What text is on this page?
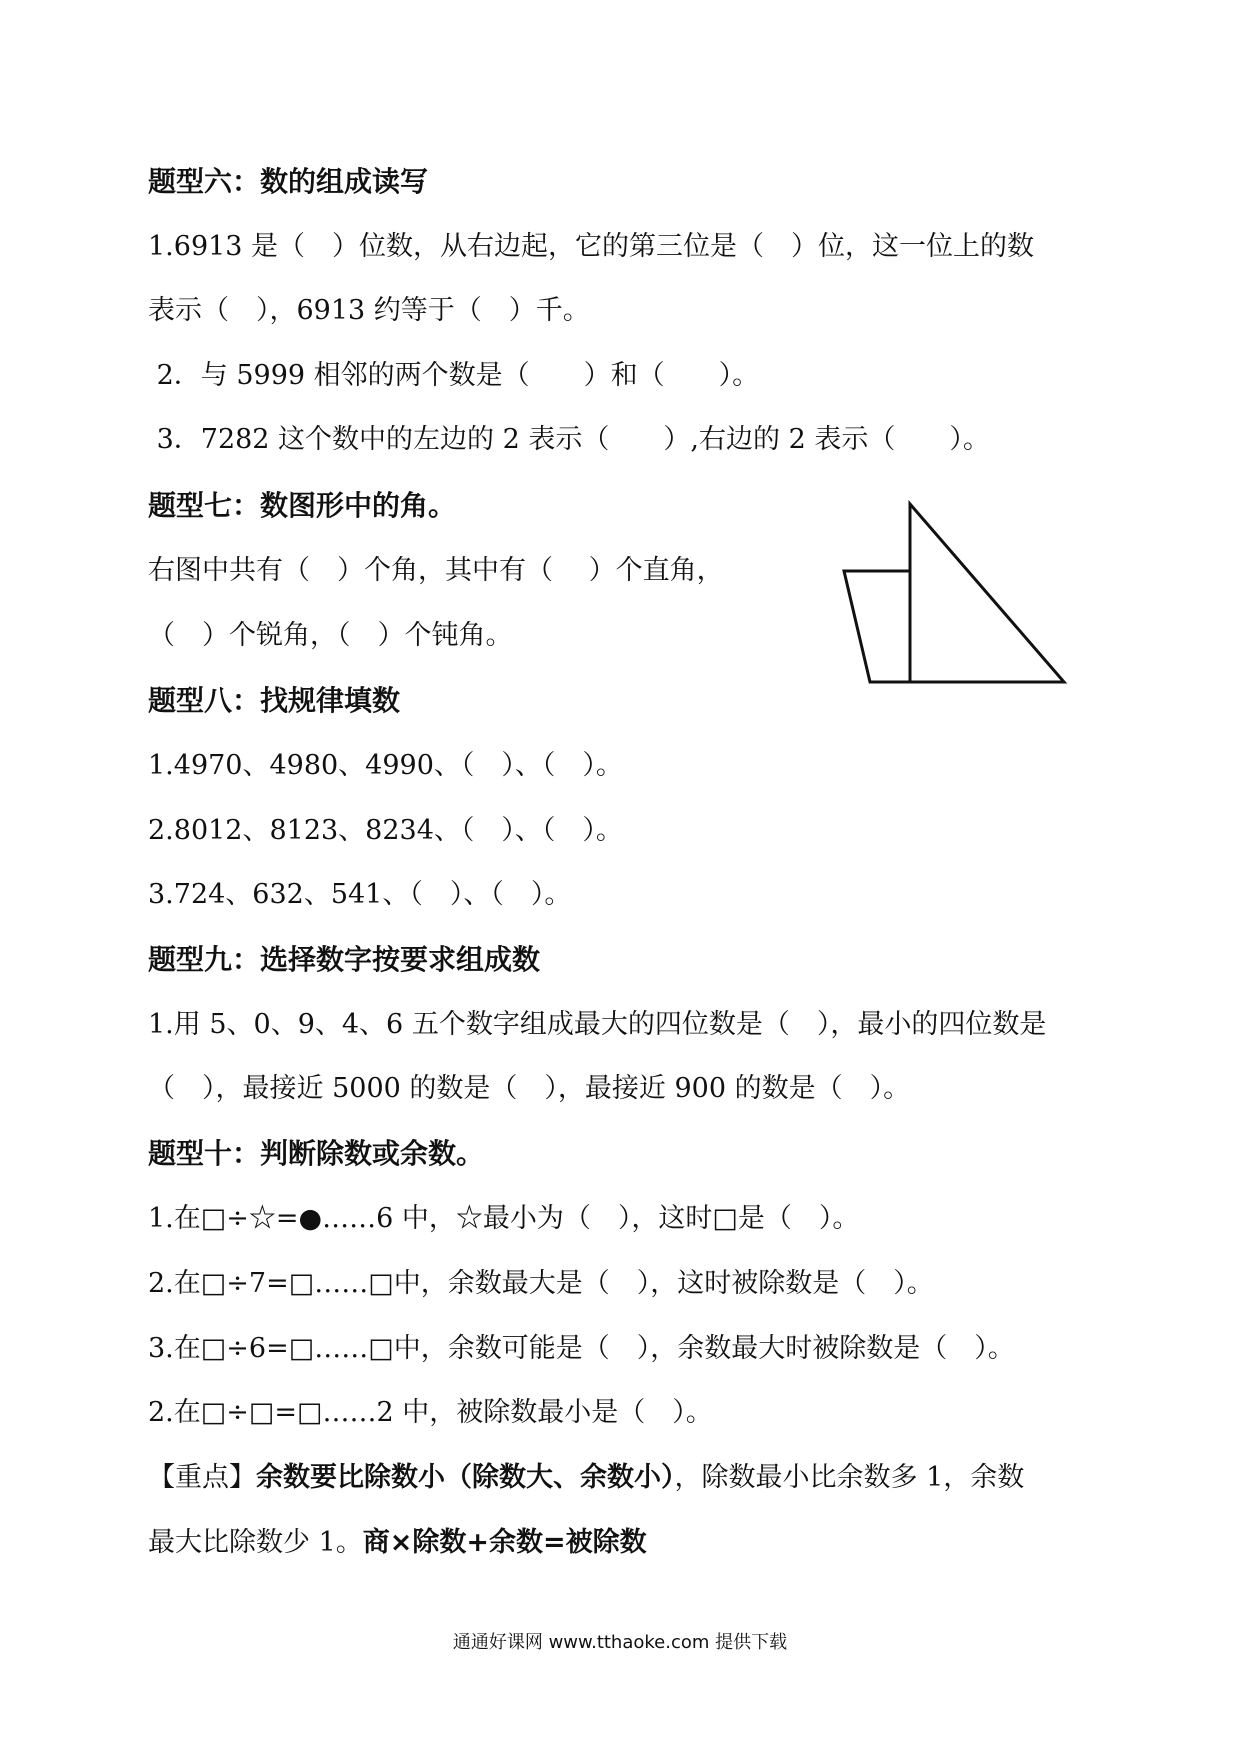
题型六：数的组成读写
1.6913 是（　）位数，从右边起，它的第三位是（　）位，这一位上的数
表示（　），6913 约等于（　）千。
2．与 5999 相邻的两个数是（　　）和（　　）。
3．7282 这个数中的左边的 2 表示（　　）,右边的 2 表示（　　）。
题型七：数图形中的角。
右图中共有（　）个角，其中有（　 ）个直角，
（　）个锐角，（　）个钝角。
题型八：找规律填数
1.4970、4980、4990、（　）、（　）。
2.8012、8123、8234、（　）、（　）。
3.724、632、541、（　）、（　）。
题型九：选择数字按要求组成数
1.用 5、0、9、4、6 五个数字组成最大的四位数是（　），最小的四位数是
（　），最接近 5000 的数是（　），最接近 900 的数是（　）。
题型十：判断除数或余数。
1.在□÷☆=●……6 中，☆最小为（　），这时□是（　）。
2.在□÷7=□……□中，余数最大是（　），这时被除数是（　）。
3.在□÷6=□……□中，余数可能是（　），余数最大时被除数是（　）。
2.在□÷□=□……2 中，被除数最小是（　）。
【重点】余数要比除数小（除数大、余数小），除数最小比余数多 1，余数
最大比除数少 1。商×除数+余数=被除数
通通好课网 www.tthaoke.com 提供下载
